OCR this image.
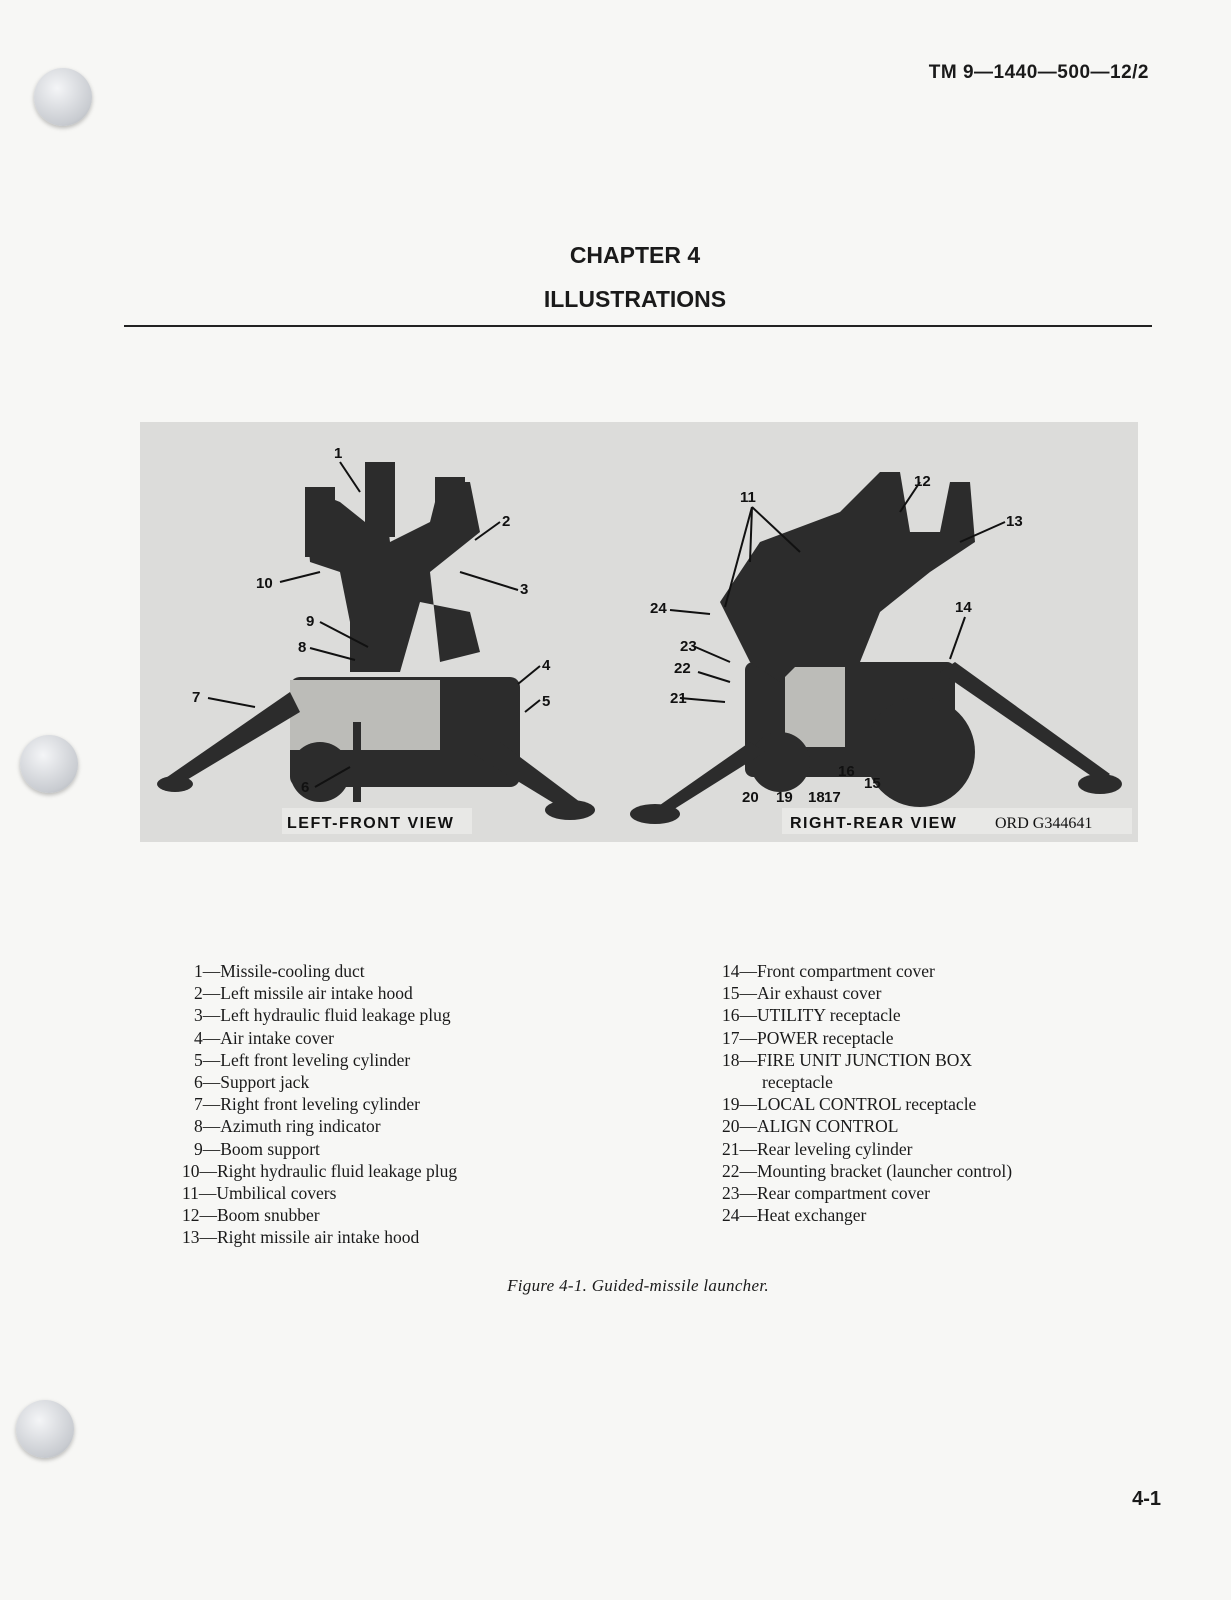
TM 9—1440—500—12/2
CHAPTER 4
ILLUSTRATIONS
1
2
3
4
5
6
7
8
9
10
11
12
13
14
15
16
17
18
19
20
21
22
23
24
LEFT-FRONT VIEW	RIGHT-REAR VIEW ORD G344641
1—Missile-cooling duct
2—Left missile air intake hood
3—Left hydraulic fluid leakage plug
4—Air intake cover
5—Left front leveling cylinder
6—Support jack
7—Right front leveling cylinder
8—Azimuth ring indicator
9—Boom support
10—Right hydraulic fluid leakage plug
11—Umbilical covers
12—Boom snubber
13—Right missile air intake hood
14—Front compartment cover
15—Air exhaust cover
16—UTILITY receptacle
17—POWER receptacle
18—FIRE UNIT JUNCTION BOX
receptacle
19—LOCAL CONTROL receptacle
20—ALIGN CONTROL
21—Rear leveling cylinder
22—Mounting bracket (launcher control)
23—Rear compartment cover
24—Heat exchanger
Figure 4-1. Guided-missile launcher.
4-1
